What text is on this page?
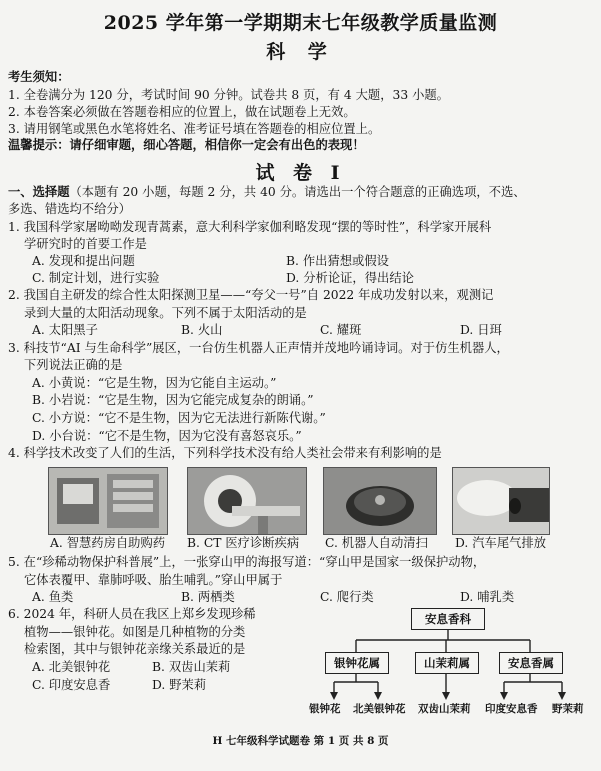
2025 学年第一学期期末七年级教学质量监测
科 学
考生须知：
1. 全卷满分为 120 分，考试时间 90 分钟。试卷共 8 页，有 4 大题，33 小题。
2. 本卷答案必须做在答题卷相应的位置上，做在试题卷上无效。
3. 请用钢笔或黑色水笔将姓名、准考证号填在答题卷的相应位置上。
温馨提示：请仔细审题，细心答题，相信你一定会有出色的表现！
试 卷 Ⅰ
一、选择题（本题有 20 小题，每题 2 分，共 40 分。请选出一个符合题意的正确选项，不选、
多选、错选均不给分）
1. 我国科学家屠呦呦发现青蒿素，意大利科学家伽利略发现“摆的等时性”，科学家开展科
学研究时的首要工作是
A. 发现和提出问题	B. 作出猜想或假设
C. 制定计划，进行实验	D. 分析论证，得出结论
2. 我国自主研发的综合性太阳探测卫星——“夸父一号”自 2022 年成功发射以来，观测记
录到大量的太阳活动现象。下列不属于太阳活动的是
A. 太阳黑子	B. 火山	C. 耀斑	D. 日珥
3. 科技节“AI 与生命科学”展区，一台仿生机器人正声情并茂地吟诵诗词。对于仿生机器人，
下列说法正确的是
A. 小黄说：“它是生物，因为它能自主运动。”
B. 小岩说：“它是生物，因为它能完成复杂的朗诵。”
C. 小方说：“它不是生物，因为它无法进行新陈代谢。”
D. 小台说：“它不是生物，因为它没有喜怒哀乐。”
4. 科学技术改变了人们的生活，下列科学技术没有给人类社会带来有利影响的是
A. 智慧药房自助购药 B. CT 医疗诊断疾病 C. 机器人自动清扫 D. 汽车尾气排放
5. 在“珍稀动物保护科普展”上，一张穿山甲的海报写道：“穿山甲是国家一级保护动物，
它体表覆甲、靠肺呼吸、胎生哺乳。”穿山甲属于
A. 鱼类	B. 两栖类	C. 爬行类	D. 哺乳类
6. 2024 年，科研人员在我区上郑乡发现珍稀
植物——银钟花。如图是几种植物的分类
检索图，其中与银钟花亲缘关系最近的是
A. 北美银钟花	B. 双齿山茉莉
C. 印度安息香	D. 野茉莉
安息香科
银钟花属	山茉莉属	安息香属
银钟花 北美银钟花 双齿山茉莉 印度安息香 野茉莉
H 七年级科学试题卷 第 1 页 共 8 页
